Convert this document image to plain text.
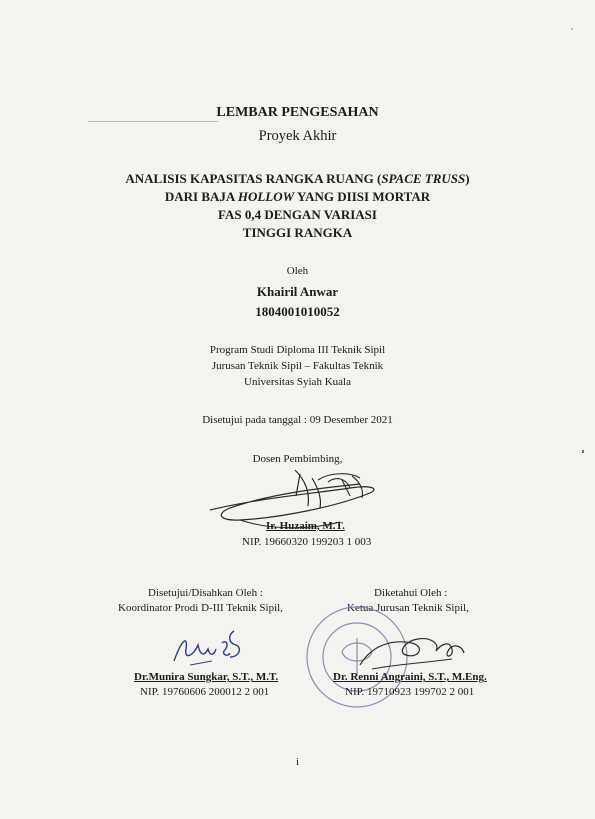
LEMBAR PENGESAHAN
Proyek Akhir
ANALISIS KAPASITAS RANGKA RUANG (SPACE TRUSS)
DARI BAJA HOLLOW YANG DIISI MORTAR
FAS 0,4 DENGAN VARIASI
TINGGI RANGKA
Oleh
Khairil Anwar
1804001010052
Program Studi Diploma III Teknik Sipil
Jurusan Teknik Sipil – Fakultas Teknik
Universitas Syiah Kuala
Disetujui pada tanggal : 09 Desember 2021
Dosen Pembimbing,
Ir. Huzaim, M.T.
NIP. 19660320 199203 1 003
Disetujui/Disahkan Oleh :
Koordinator Prodi D-III Teknik Sipil,
Diketahui Oleh :
Ketua Jurusan Teknik Sipil,
Dr.Munira Sungkar, S.T., M.T.
NIP. 19760606 200012 2 001
Dr. Renni Angraini, S.T., M.Eng.
NIP. 19710923 199702 2 001
i
